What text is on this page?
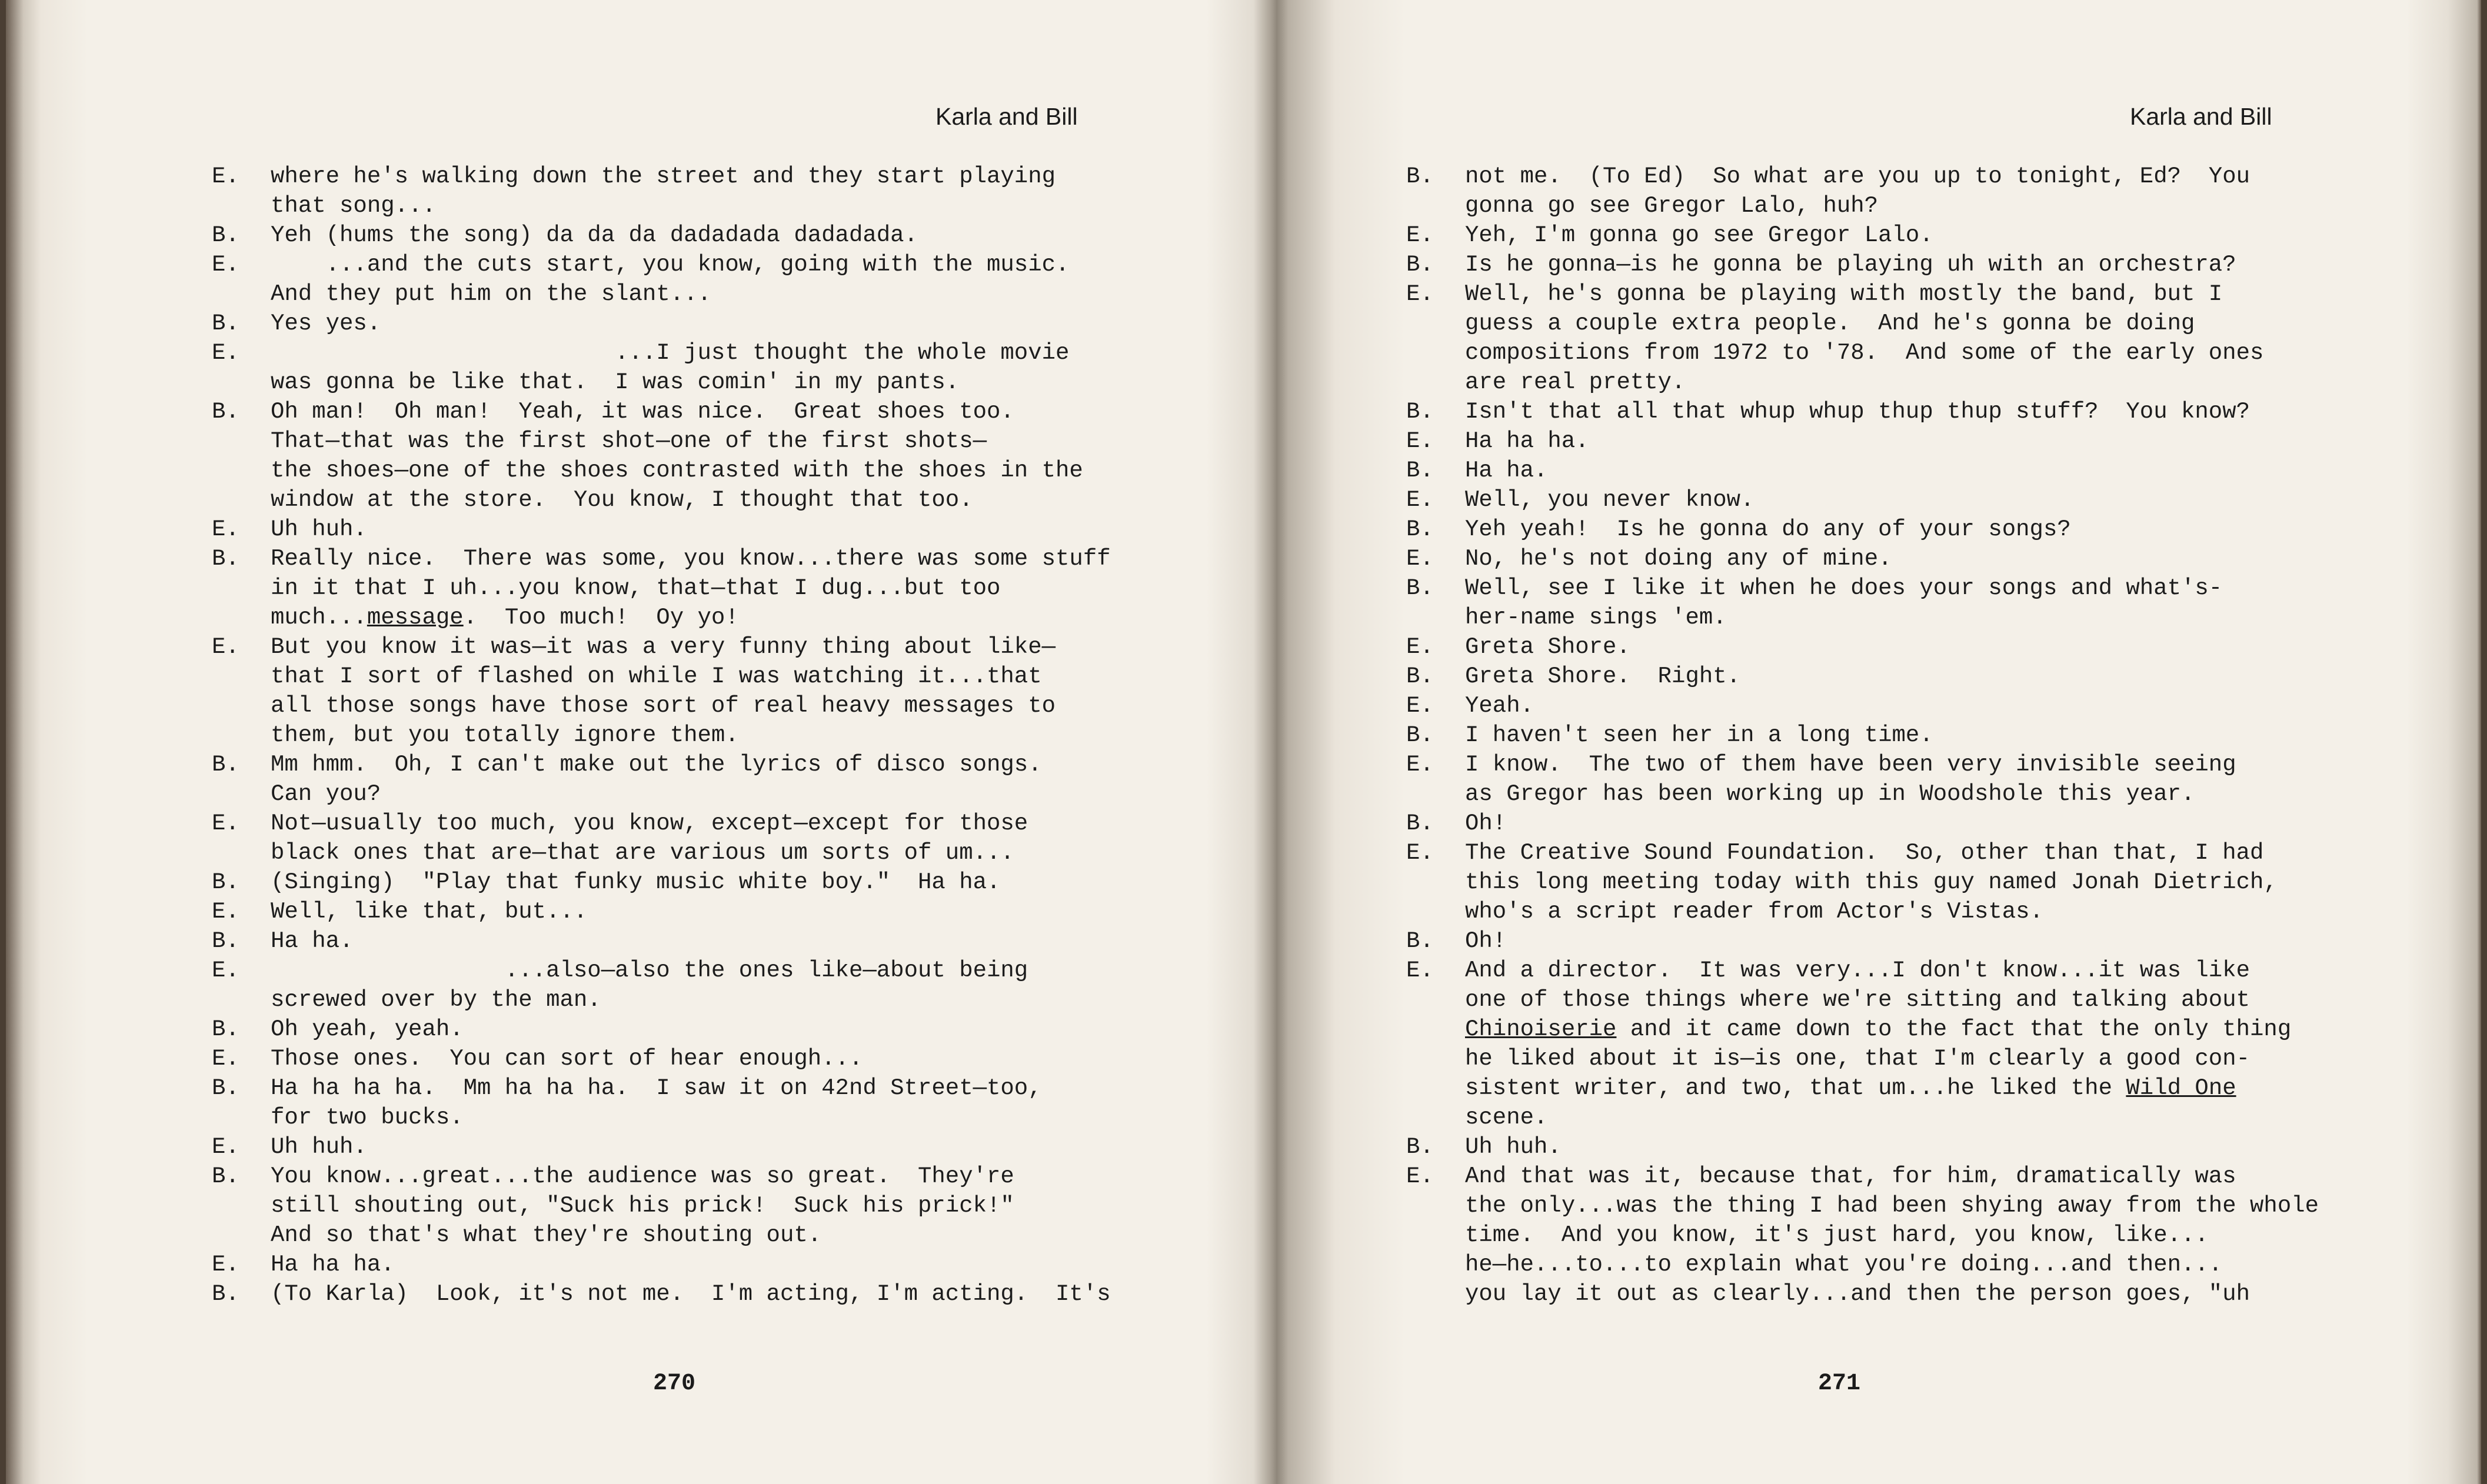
Karla and Bill
E. where he's walking down the street and they start playing
that song...
B. Yeh (hums the song) da da da dadadada dadadada.
E.    ...and the cuts start, you know, going with the music.
And they put him on the slant...
B. Yes yes.
E.                         ...I just thought the whole movie
was gonna be like that.  I was comin' in my pants.
B. Oh man!  Oh man!  Yeah, it was nice.  Great shoes too.
That—that was the first shot—one of the first shots—
the shoes—one of the shoes contrasted with the shoes in the
window at the store.  You know, I thought that too.
E. Uh huh.
B. Really nice.  There was some, you know...there was some stuff
in it that I uh...you know, that—that I dug...but too
much...message.  Too much!  Oy yo!
E. But you know it was—it was a very funny thing about like—
that I sort of flashed on while I was watching it...that
all those songs have those sort of real heavy messages to
them, but you totally ignore them.
B. Mm hmm.  Oh, I can't make out the lyrics of disco songs.
Can you?
E. Not—usually too much, you know, except—except for those
black ones that are—that are various um sorts of um...
B. (Singing)  "Play that funky music white boy."  Ha ha.
E. Well, like that, but...
B. Ha ha.
E.                 ...also—also the ones like—about being
screwed over by the man.
B. Oh yeah, yeah.
E. Those ones.  You can sort of hear enough...
B. Ha ha ha ha.  Mm ha ha ha.  I saw it on 42nd Street—too,
for two bucks.
E. Uh huh.
B. You know...great...the audience was so great.  They're
still shouting out, "Suck his prick!  Suck his prick!"
And so that's what they're shouting out.
E. Ha ha ha.
B. (To Karla)  Look, it's not me.  I'm acting, I'm acting.  It's
270
Karla and Bill
B. not me.  (To Ed)  So what are you up to tonight, Ed?  You
gonna go see Gregor Lalo, huh?
E. Yeh, I'm gonna go see Gregor Lalo.
B. Is he gonna—is he gonna be playing uh with an orchestra?
E. Well, he's gonna be playing with mostly the band, but I
guess a couple extra people.  And he's gonna be doing
compositions from 1972 to '78.  And some of the early ones
are real pretty.
B. Isn't that all that whup whup thup thup stuff?  You know?
E. Ha ha ha.
B. Ha ha.
E. Well, you never know.
B. Yeh yeah!  Is he gonna do any of your songs?
E. No, he's not doing any of mine.
B. Well, see I like it when he does your songs and what's-
her-name sings 'em.
E. Greta Shore.
B. Greta Shore.  Right.
E. Yeah.
B. I haven't seen her in a long time.
E. I know.  The two of them have been very invisible seeing
as Gregor has been working up in Woodshole this year.
B. Oh!
E. The Creative Sound Foundation.  So, other than that, I had
this long meeting today with this guy named Jonah Dietrich,
who's a script reader from Actor's Vistas.
B. Oh!
E. And a director.  It was very...I don't know...it was like
one of those things where we're sitting and talking about
Chinoiserie and it came down to the fact that the only thing
he liked about it is—is one, that I'm clearly a good con-
sistent writer, and two, that um...he liked the Wild One
scene.
B. Uh huh.
E. And that was it, because that, for him, dramatically was
the only...was the thing I had been shying away from the whole
time.  And you know, it's just hard, you know, like...
he—he...to...to explain what you're doing...and then...
you lay it out as clearly...and then the person goes, "uh
271
